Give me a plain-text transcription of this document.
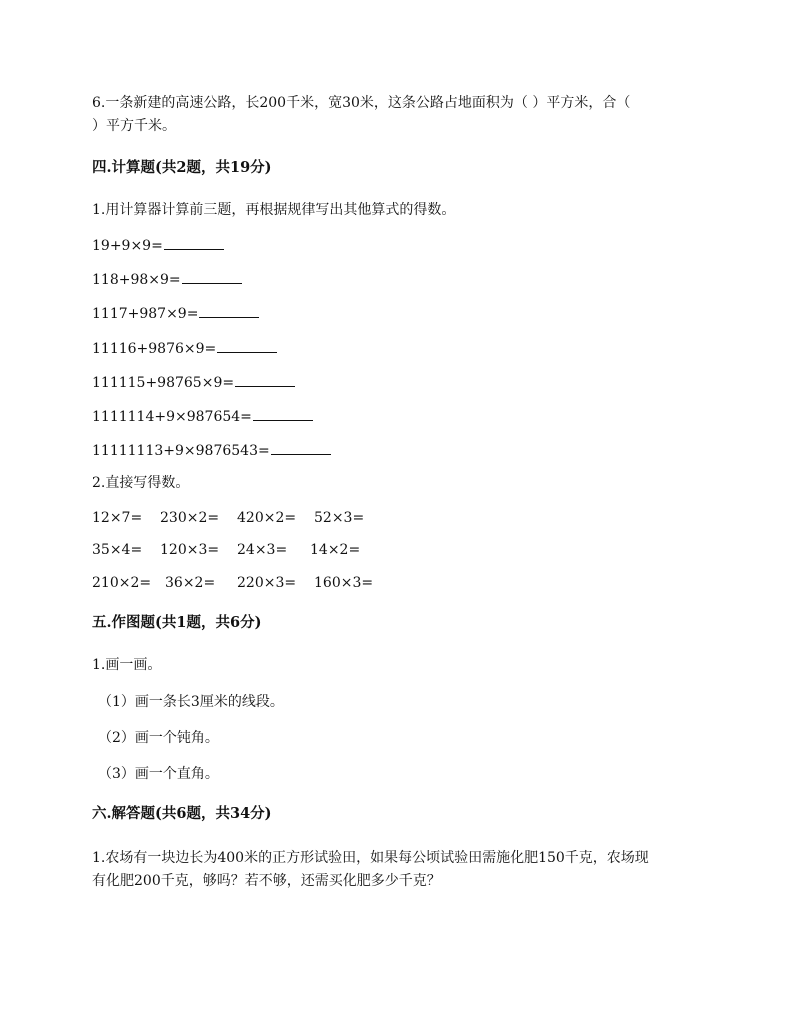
6.一条新建的高速公路，长200千米，宽30米，这条公路占地面积为（ ）平方米，合（
）平方千米。
四.计算题(共2题，共19分)
1.用计算器计算前三题，再根据规律写出其他算式的得数。
19+9×9=
118+98×9=
1117+987×9=
11116+9876×9=
111115+98765×9=
1111114+9×987654=
11111113+9×9876543=
2.直接写得数。
12×7= 230×2= 420×2= 52×3=
35×4= 120×3= 24×3= 14×2=
210×2= 36×2= 220×3= 160×3=
五.作图题(共1题，共6分)
1.画一画。
（1）画一条长3厘米的线段。
（2）画一个钝角。
（3）画一个直角。
六.解答题(共6题，共34分)
1.农场有一块边长为400米的正方形试验田，如果每公顷试验田需施化肥150千克，农场现
有化肥200千克，够吗？若不够，还需买化肥多少千克？
